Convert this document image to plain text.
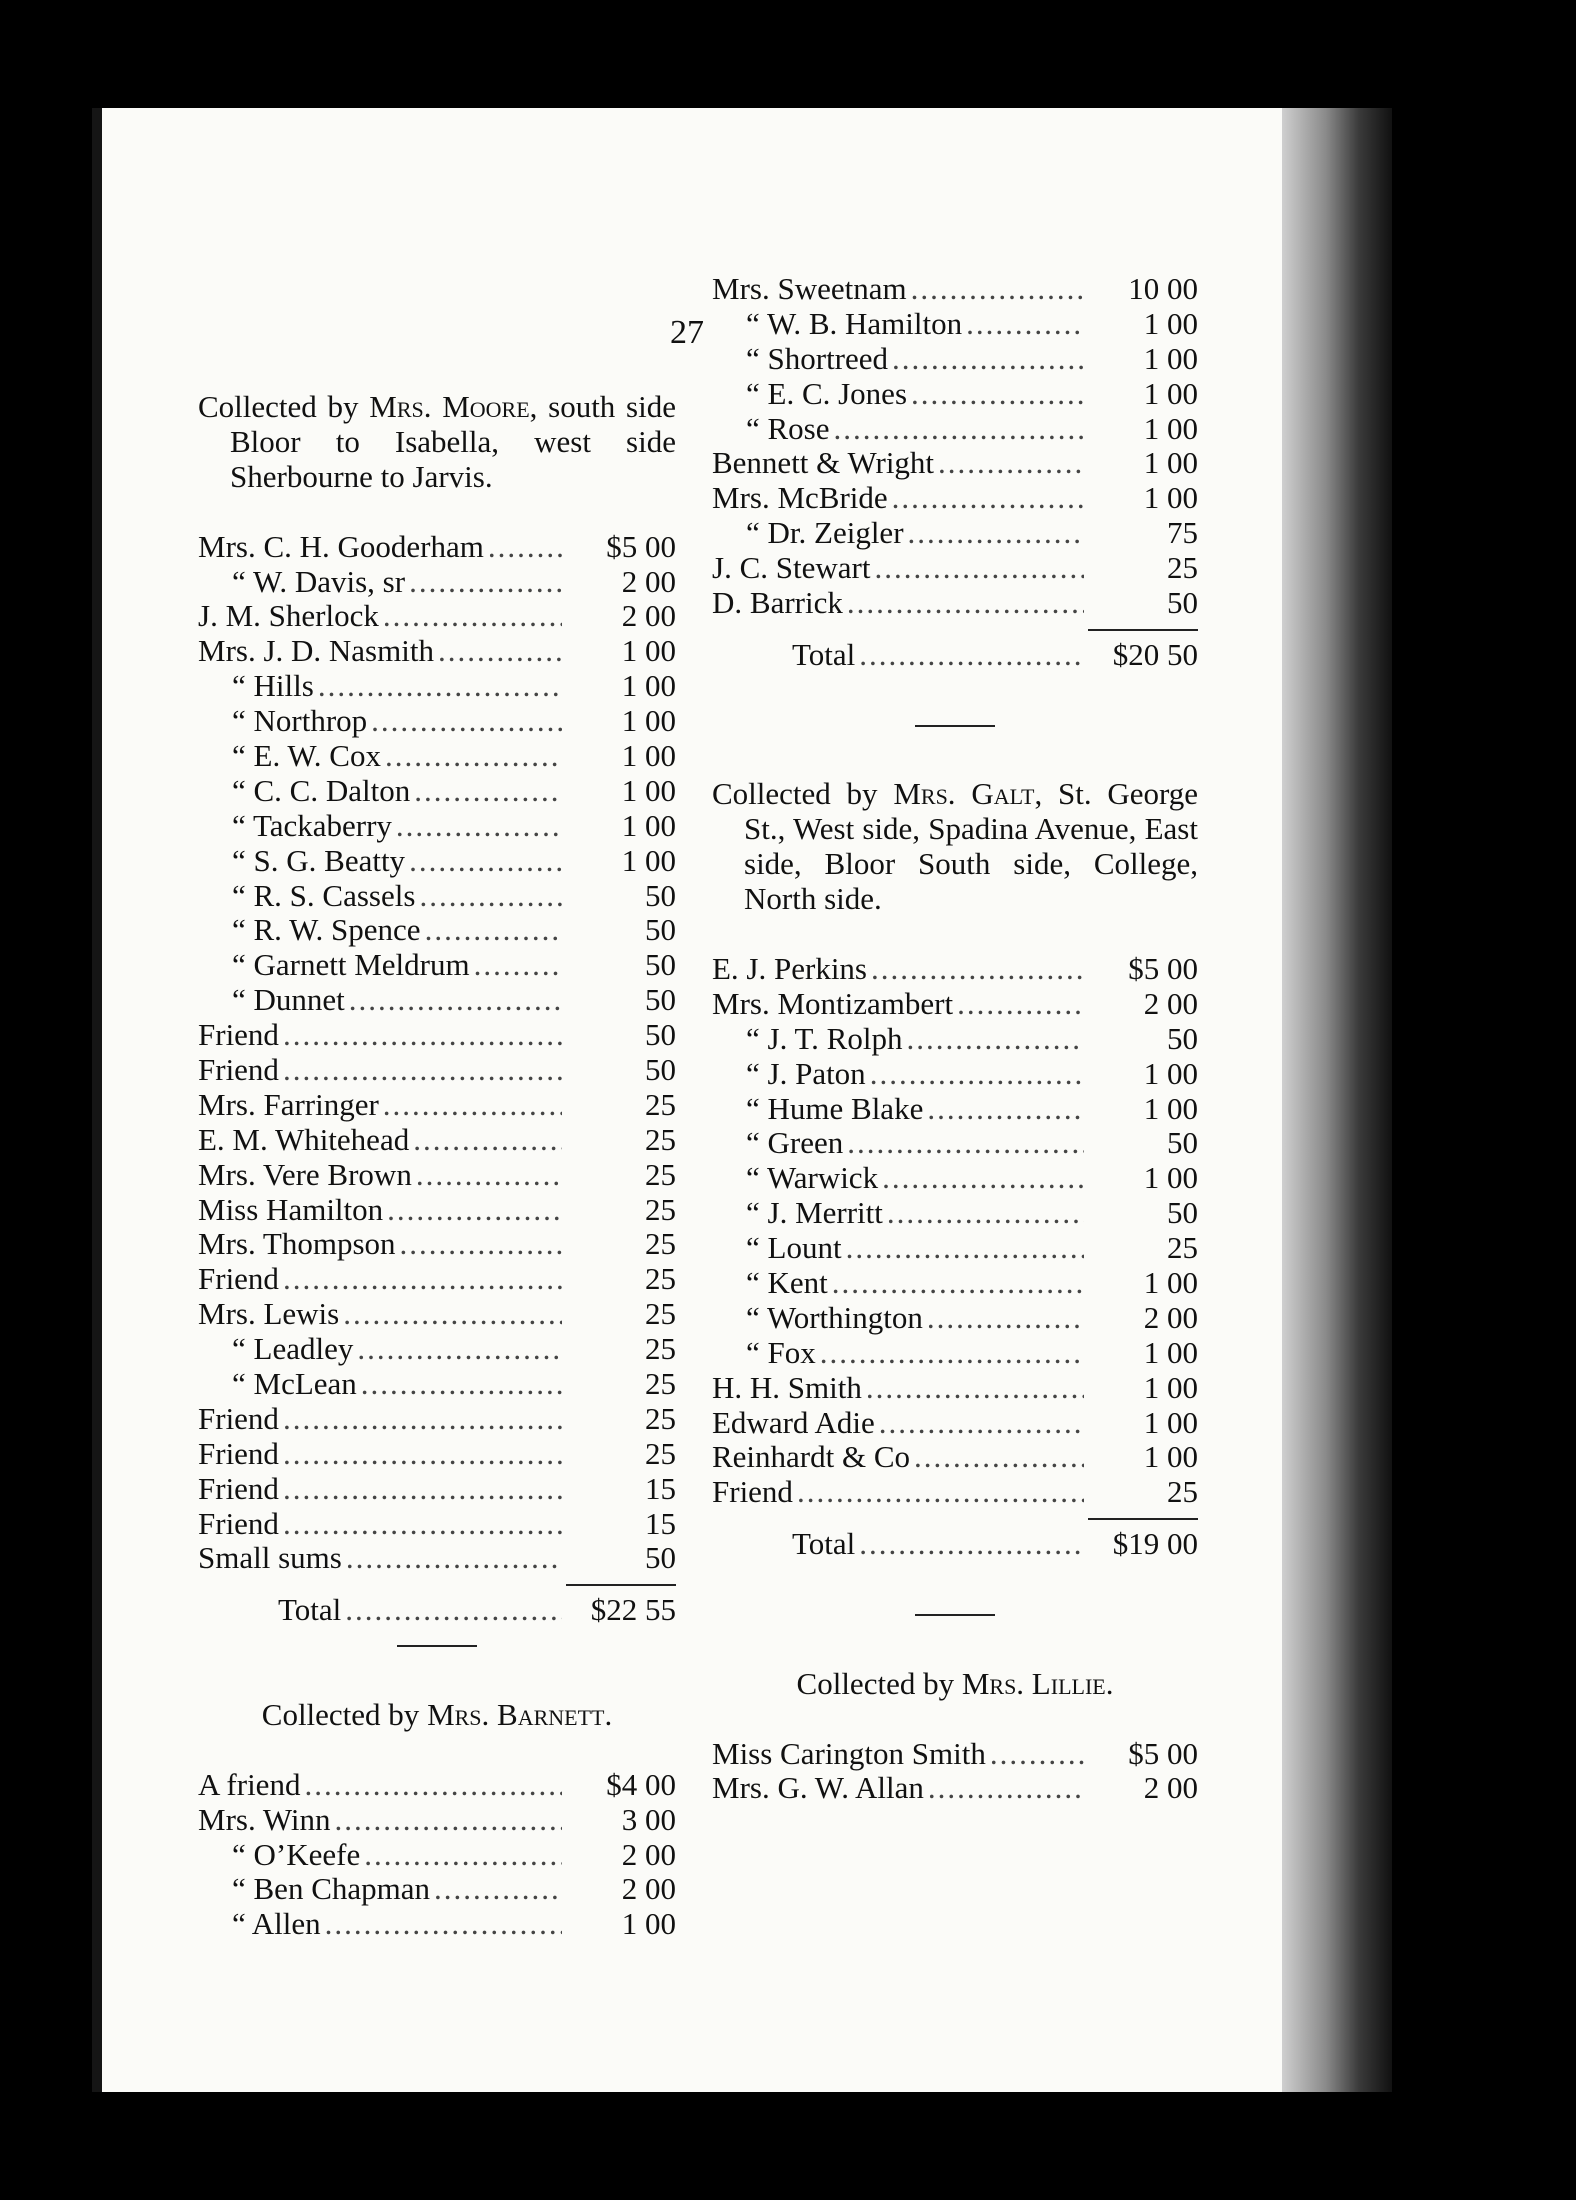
27
Collected by Mrs. Moore, south side Bloor to Isabella, west side Sherbourne to Jarvis.
Mrs. C. H. Gooderham .....	$5 00
“ W. Davis, sr .....	2 00
J. M. Sherlock .....	2 00
Mrs. J. D. Nasmith .....	1 00
“ Hills .....	1 00
“ Northrop .....	1 00
“ E. W. Cox .....	1 00
“ C. C. Dalton .....	1 00
“ Tackaberry .....	1 00
“ S. G. Beatty .....	1 00
“ R. S. Cassels .....	50
“ R. W. Spence .....	50
“ Garnett Meldrum .....	50
“ Dunnet .....	50
Friend .....	50
Friend .....	50
Mrs. Farringer .....	25
E. M. Whitehead .....	25
Mrs. Vere Brown .....	25
Miss Hamilton .....	25
Mrs. Thompson .....	25
Friend .....	25
Mrs. Lewis .....	25
“ Leadley .....	25
“ McLean .....	25
Friend .....	25
Friend .....	25
Friend .....	15
Friend .....	15
Small sums .....	50
Total .....	$22 55
Collected by Mrs. Barnett.
A friend .....	$4 00
Mrs. Winn .....	3 00
“ O’Keefe .....	2 00
“ Ben Chapman .....	2 00
“ Allen .....	1 00
Mrs. Sweetnam .....	10 00
“ W. B. Hamilton .....	1 00
“ Shortreed .....	1 00
“ E. C. Jones .....	1 00
“ Rose .....	1 00
Bennett & Wright .....	1 00
Mrs. McBride .....	1 00
“ Dr. Zeigler .....	75
J. C. Stewart .....	25
D. Barrick .....	50
Total .....	$20 50
Collected by Mrs. Galt, St. George St., West side, Spadina Avenue, East side, Bloor South side, College, North side.
E. J. Perkins .....	$5 00
Mrs. Montizambert .....	2 00
“ J. T. Rolph .....	50
“ J. Paton .....	1 00
“ Hume Blake .....	1 00
“ Green .....	50
“ Warwick .....	1 00
“ J. Merritt .....	50
“ Lount .....	25
“ Kent .....	1 00
“ Worthington .....	2 00
“ Fox .....	1 00
H. H. Smith .....	1 00
Edward Adie .....	1 00
Reinhardt & Co .....	1 00
Friend .....	25
Total .....	$19 00
Collected by Mrs. Lillie.
Miss Carington Smith .....	$5 00
Mrs. G. W. Allan .....	2 00
